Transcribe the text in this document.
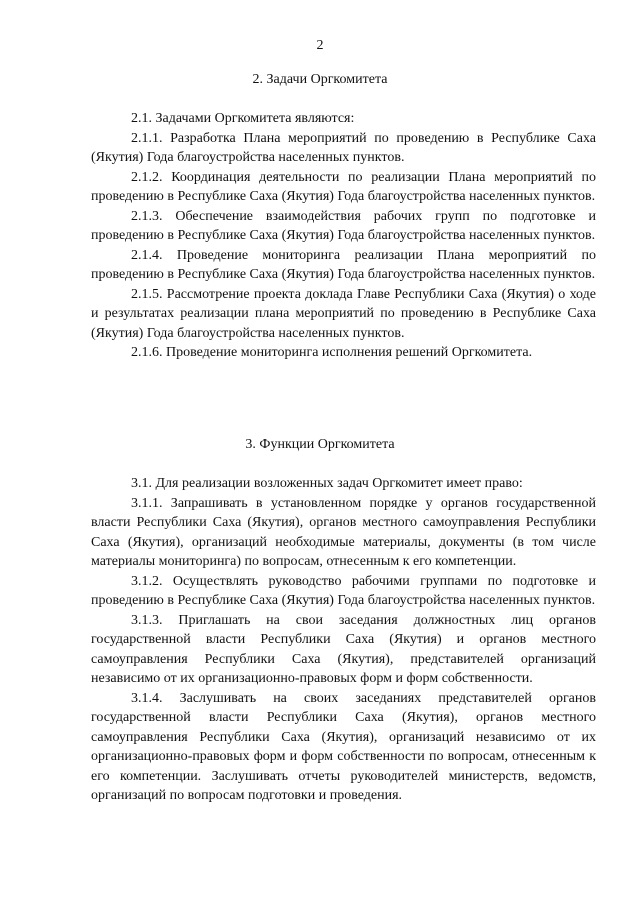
2
2. Задачи Оргкомитета

2.1. Задачами Оргкомитета являются:

2.1.1. Разработка Плана мероприятий по проведению в Республике Саха (Якутия) Года благоустройства населенных пунктов.

2.1.2. Координация деятельности по реализации Плана мероприятий по проведению в Республике Саха (Якутия) Года благоустройства населенных пунктов.

2.1.3. Обеспечение взаимодействия рабочих групп по подготовке и проведению в Республике Саха (Якутия) Года благоустройства населенных пунктов.

2.1.4. Проведение мониторинга реализации Плана мероприятий по проведению в Республике Саха (Якутия) Года благоустройства населенных пунктов.

2.1.5. Рассмотрение проекта доклада Главе Республики Саха (Якутия) о ходе и результатах реализации плана мероприятий по проведению в Республике Саха (Якутия) Года благоустройства населенных пунктов.

2.1.6. Проведение мониторинга исполнения решений Оргкомитета.

3. Функции Оргкомитета

3.1. Для реализации возложенных задач Оргкомитет имеет право:

3.1.1. Запрашивать в установленном порядке у органов государственной власти Республики Саха (Якутия), органов местного самоуправления Республики Саха (Якутия), организаций необходимые материалы, документы (в том числе материалы мониторинга) по вопросам, отнесенным к его компетенции.

3.1.2. Осуществлять руководство рабочими группами по подготовке и проведению в Республике Саха (Якутия) Года благоустройства населенных пунктов.

3.1.3. Приглашать на свои заседания должностных лиц органов государственной власти Республики Саха (Якутия) и органов местного самоуправления Республики Саха (Якутия), представителей организаций независимо от их организационно-правовых форм и форм собственности.

3.1.4. Заслушивать на своих заседаниях представителей органов государственной власти Республики Саха (Якутия), органов местного самоуправления Республики Саха (Якутия), организаций независимо от их организационно-правовых форм и форм собственности по вопросам, отнесенным к его компетенции. Заслушивать отчеты руководителей министерств, ведомств, организаций по вопросам подготовки и проведения.
